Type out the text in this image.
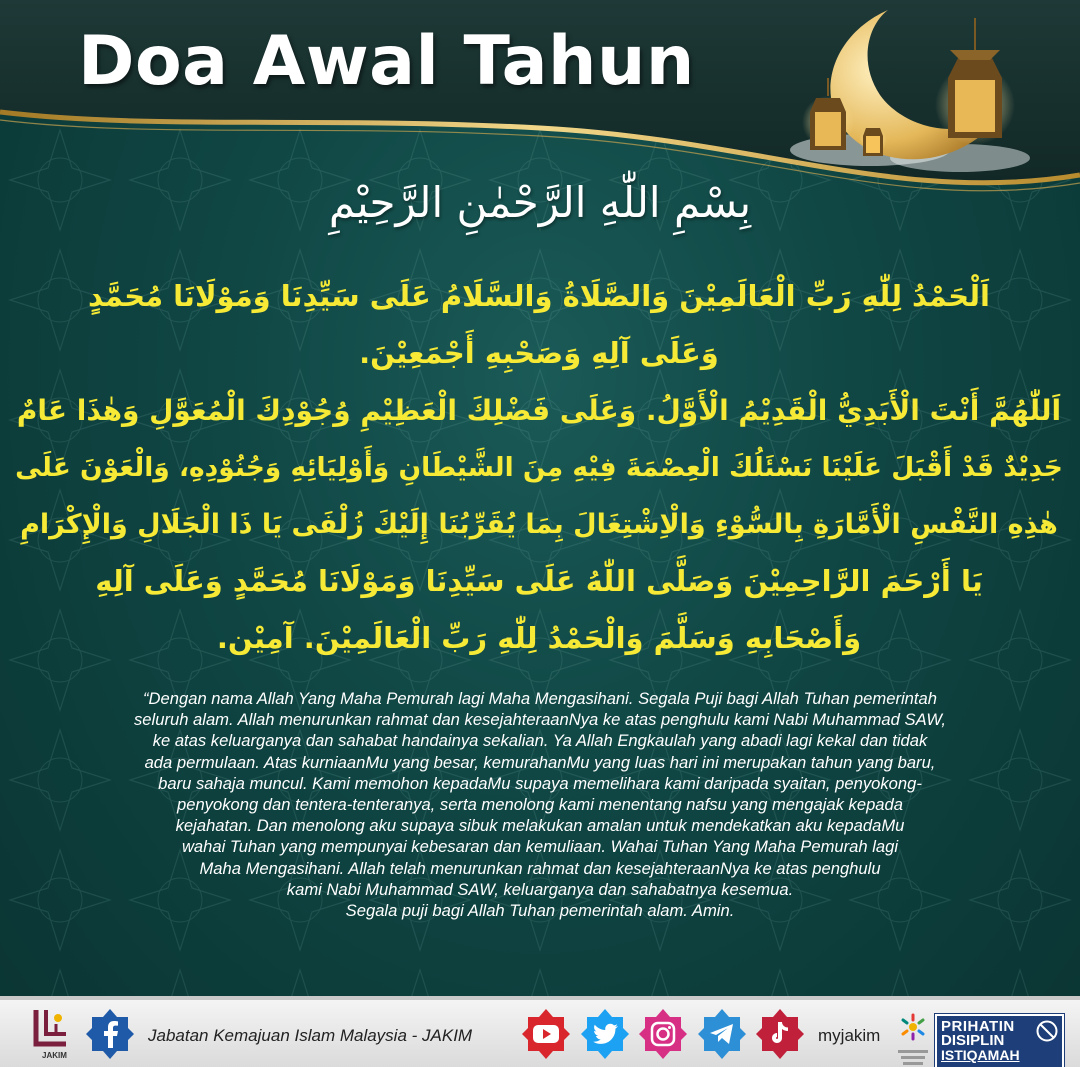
Doa Awal Tahun
بِسْمِ اللّٰهِ الرَّحْمٰنِ الرَّحِيْمِ
اَلْحَمْدُ لِلّٰهِ رَبِّ الْعَالَمِيْنَ وَالصَّلَاةُ وَالسَّلَامُ عَلَى سَيِّدِنَا وَمَوْلَانَا مُحَمَّدٍ
وَعَلَى آلِهِ وَصَحْبِهِ أَجْمَعِيْنَ.
اَللّٰهُمَّ أَنْتَ الْأَبَدِيُّ الْقَدِيْمُ الْأَوَّلُ. وَعَلَى فَضْلِكَ الْعَظِيْمِ وُجُوْدِكَ الْمُعَوَّلِ وَهٰذَا عَامٌ
جَدِيْدٌ قَدْ أَقْبَلَ عَلَيْنَا نَسْئَلُكَ الْعِصْمَةَ فِيْهِ مِنَ الشَّيْطَانِ وَأَوْلِيَائِهِ وَجُنُوْدِهِ، وَالْعَوْنَ عَلَى
هٰذِهِ النَّفْسِ الْأَمَّارَةِ بِالسُّوْءِ وَالْاِشْتِغَالَ بِمَا يُقَرِّبُنَا إِلَيْكَ زُلْفَى يَا ذَا الْجَلَالِ وَالْإِكْرَامِ
يَا أَرْحَمَ الرَّاحِمِيْنَ وَصَلَّى اللّٰهُ عَلَى سَيِّدِنَا وَمَوْلَانَا مُحَمَّدٍ وَعَلَى آلِهِ
وَأَصْحَابِهِ وَسَلَّمَ وَالْحَمْدُ لِلّٰهِ رَبِّ الْعَالَمِيْنَ. آمِيْن.
“Dengan nama Allah Yang Maha Pemurah lagi Maha Mengasihani. Segala Puji bagi Allah Tuhan pemerintah
seluruh alam. Allah menurunkan rahmat dan kesejahteraanNya ke atas penghulu kami Nabi Muhammad SAW,
ke atas keluarganya dan sahabat handainya sekalian. Ya Allah Engkaulah yang abadi lagi kekal dan tidak
ada permulaan. Atas kurniaanMu yang besar, kemurahanMu yang luas hari ini merupakan tahun yang baru,
baru sahaja muncul. Kami memohon kepadaMu supaya memelihara kami daripada syaitan, penyokong-
penyokong dan tentera-tenteranya, serta menolong kami menentang nafsu yang mengajak kepada
kejahatan. Dan menolong aku supaya sibuk melakukan amalan untuk mendekatkan aku kepadaMu
wahai Tuhan yang mempunyai kebesaran dan kemuliaan. Wahai Tuhan Yang Maha Pemurah lagi
Maha Mengasihani. Allah telah menurunkan rahmat dan kesejahteraanNya ke atas penghulu
kami Nabi Muhammad SAW, keluarganya dan sahabatnya kesemua.
Segala puji bagi Allah Tuhan pemerintah alam. Amin.
JAKIM
Jabatan Kemajuan Islam Malaysia - JAKIM	myjakim	PRIHATIN
DISIPLIN
ISTIQAMAH
